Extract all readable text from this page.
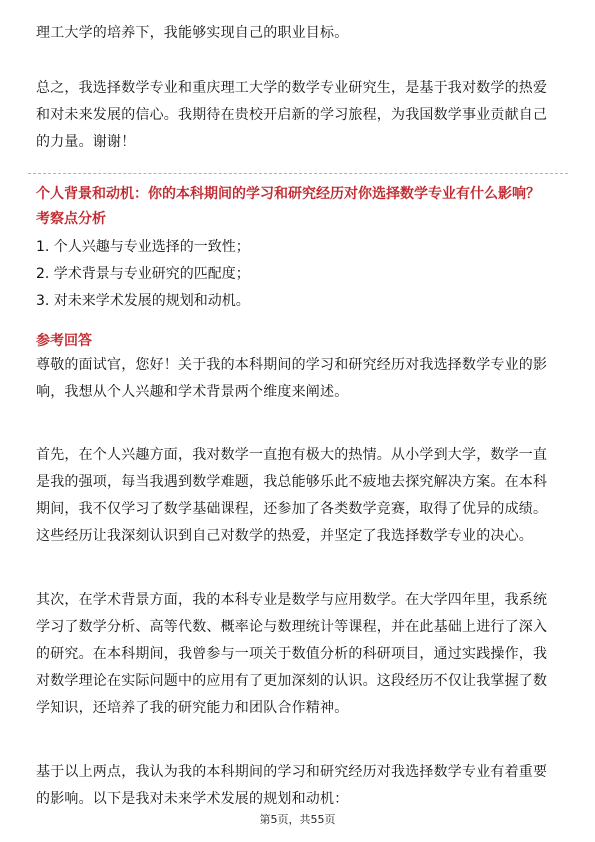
理工大学的培养下，我能够实现自己的职业目标。
总之，我选择数学专业和重庆理工大学的数学专业研究生，是基于我对数学的热爱
和对未来发展的信心。我期待在贵校开启新的学习旅程，为我国数学事业贡献自己
的力量。谢谢！
个人背景和动机：你的本科期间的学习和研究经历对你选择数学专业有什么影响？
考察点分析
1. 个人兴趣与专业选择的一致性；
2. 学术背景与专业研究的匹配度；
3. 对未来学术发展的规划和动机。
参考回答
尊敬的面试官，您好！关于我的本科期间的学习和研究经历对我选择数学专业的影
响，我想从个人兴趣和学术背景两个维度来阐述。
首先，在个人兴趣方面，我对数学一直抱有极大的热情。从小学到大学，数学一直
是我的强项，每当我遇到数学难题，我总能够乐此不疲地去探究解决方案。在本科
期间，我不仅学习了数学基础课程，还参加了各类数学竞赛，取得了优异的成绩。
这些经历让我深刻认识到自己对数学的热爱，并坚定了我选择数学专业的决心。
其次，在学术背景方面，我的本科专业是数学与应用数学。在大学四年里，我系统
学习了数学分析、高等代数、概率论与数理统计等课程，并在此基础上进行了深入
的研究。在本科期间，我曾参与一项关于数值分析的科研项目，通过实践操作，我
对数学理论在实际问题中的应用有了更加深刻的认识。这段经历不仅让我掌握了数
学知识，还培养了我的研究能力和团队合作精神。
基于以上两点，我认为我的本科期间的学习和研究经历对我选择数学专业有着重要
的影响。以下是我对未来学术发展的规划和动机：
第5页，共55页
